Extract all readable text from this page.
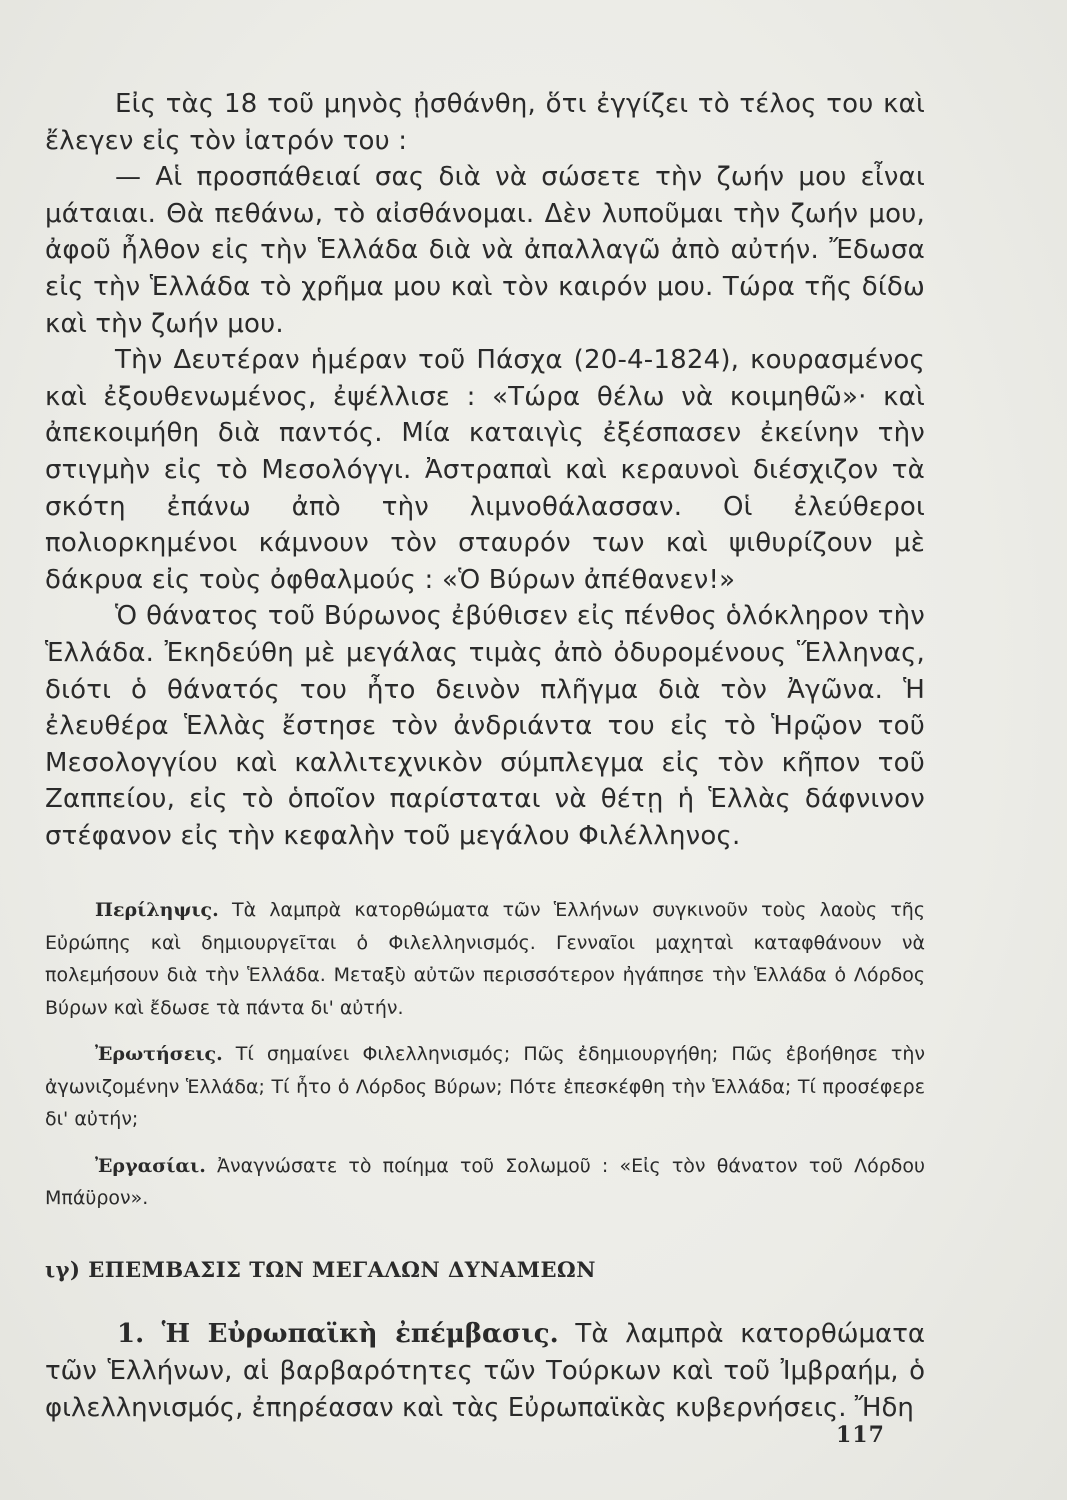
Εἰς τὰς 18 τοῦ μηνὸς ᾐσθάνθη, ὅτι ἐγγίζει τὸ τέλος του καὶ ἔλεγεν εἰς τὸν ἰατρόν του :

— Αἱ προσπάθειαί σας διὰ νὰ σώσετε τὴν ζωήν μου εἶναι μάταιαι. Θὰ πεθάνω, τὸ αἰσθάνομαι. Δὲν λυποῦμαι τὴν ζωήν μου, ἀφοῦ ἦλθον εἰς τὴν Ἑλλάδα διὰ νὰ ἀπαλλαγῶ ἀπὸ αὐτήν. Ἔδωσα εἰς τὴν Ἑλλάδα τὸ χρῆμα μου καὶ τὸν καιρόν μου. Τώρα τῆς δίδω καὶ τὴν ζωήν μου.

Τὴν Δευτέραν ἡμέραν τοῦ Πάσχα (20-4-1824), κουρασμένος καὶ ἐξουθενωμένος, ἐψέλλισε : «Τώρα θέλω νὰ κοιμηθῶ»· καὶ ἀπεκοιμήθη διὰ παντός. Μία καταιγὶς ἐξέσπασεν ἐκείνην τὴν στιγμὴν εἰς τὸ Μεσολόγγι. Ἀστραπαὶ καὶ κεραυνοὶ διέσχιζον τὰ σκότη ἐπάνω ἀπὸ τὴν λιμνοθάλασσαν. Οἱ ἐλεύθεροι πολιορκημένοι κάμνουν τὸν σταυρόν των καὶ ψιθυρίζουν μὲ δάκρυα εἰς τοὺς ὀφθαλμούς : «Ὁ Βύρων ἀπέθανεν!»

Ὁ θάνατος τοῦ Βύρωνος ἐβύθισεν εἰς πένθος ὁλόκληρον τὴν Ἑλλάδα. Ἐκηδεύθη μὲ μεγάλας τιμὰς ἀπὸ ὀδυρομένους Ἕλληνας, διότι ὁ θάνατός του ἦτο δεινὸν πλῆγμα διὰ τὸν Ἀγῶνα. Ἡ ἐλευθέρα Ἑλλὰς ἔστησε τὸν ἀνδριάντα του εἰς τὸ Ἡρῷον τοῦ Μεσολογγίου καὶ καλλιτεχνικὸν σύμπλεγμα εἰς τὸν κῆπον τοῦ Ζαππείου, εἰς τὸ ὁποῖον παρίσταται νὰ θέτῃ ἡ Ἑλλὰς δάφνινον στέφανον εἰς τὴν κεφαλὴν τοῦ μεγάλου Φιλέλληνος.

Περίληψις. Τὰ λαμπρὰ κατορθώματα τῶν Ἑλλήνων συγκινοῦν τοὺς λαοὺς τῆς Εὐρώπης καὶ δημιουργεῖται ὁ Φιλελληνισμός. Γενναῖοι μαχηταὶ καταφθάνουν νὰ πολεμήσουν διὰ τὴν Ἑλλάδα. Μεταξὺ αὐτῶν περισσότερον ἠγάπησε τὴν Ἑλλάδα ὁ Λόρδος Βύρων καὶ ἔδωσε τὰ πάντα δι' αὐτήν.

Ἐρωτήσεις. Τί σημαίνει Φιλελληνισμός; Πῶς ἐδημιουργήθη; Πῶς ἐβοήθησε τὴν ἀγωνιζομένην Ἑλλάδα; Τί ἦτο ὁ Λόρδος Βύρων; Πότε ἐπεσκέφθη τὴν Ἑλλάδα; Τί προσέφερε δι' αὐτήν;

Ἐργασίαι. Ἀναγνώσατε τὸ ποίημα τοῦ Σολωμοῦ : «Εἰς τὸν θάνατον τοῦ Λόρδου Μπάϋρον».

ιγ) ΕΠΕΜΒΑΣΙΣ ΤΩΝ ΜΕΓΑΛΩΝ ΔΥΝΑΜΕΩΝ

1. Ἡ Εὐρωπαϊκὴ ἐπέμβασις. Τὰ λαμπρὰ κατορθώματα τῶν Ἑλλήνων, αἱ βαρβαρότητες τῶν Τούρκων καὶ τοῦ Ἰμβραήμ, ὁ φιλελληνισμός, ἐπηρέασαν καὶ τὰς Εὐρωπαϊκὰς κυβερνήσεις. Ἤδη

117
